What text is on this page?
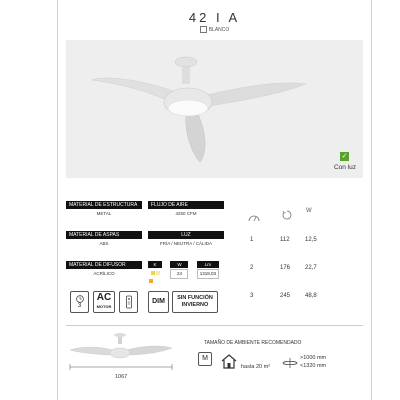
42 I A
BLANCO
✓
Con luz
MATERIAL DE ESTRUCTURA
METAL
FLUJO DE AIRE
4250 CFM
MATERIAL DE ASPAS
ABS
LUZ
FRÍA / NEUTRA / CÁLIDA
MATERIAL DE DIFUSOR
ACRÍLICO
K
	$\frac{W}{24}$
$\frac{Lm}{1318,03}$
W
1	112	12,5
2	176 22,7
3	245 48,8
3
AC
MOTOR
DIM	SIN FUNCIÓN
INVIERNO
1067
TAMAÑO DE AMBIENTE RECOMENDADO
M
hasta 20 m²
>1000 mm
<1320 mm
